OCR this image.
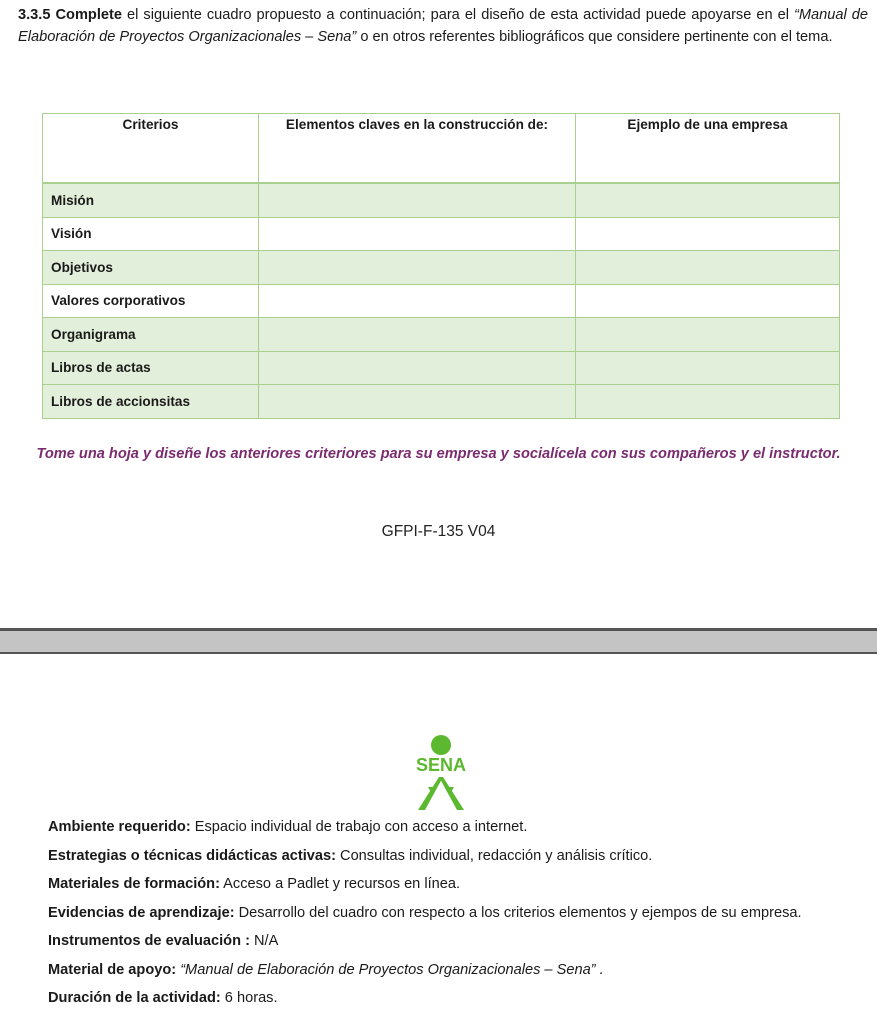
3.3.5 Complete el siguiente cuadro propuesto a continuación; para el diseño de esta actividad puede apoyarse en el “Manual de Elaboración de Proyectos Organizacionales – Sena” o en otros referentes bibliográficos que considere pertinente con el tema.

Criterios	Elementos claves en la construcción de:	Ejemplo de una empresa
Misión		
Visión		
Objetivos		
Valores corporativos		
Organigrama		
Libros de actas		
Libros de accionsitas		

Tome una hoja y diseñe los anteriores criteriores para su empresa y socialícela con sus compañeros y el instructor.

GFPI-F-135 V04

SENA
Ambiente requerido: Espacio individual de trabajo con acceso a internet.
Estrategias o técnicas didácticas activas: Consultas individual, redacción y análisis crítico.
Materiales de formación: Acceso a Padlet y recursos en línea.
Evidencias de aprendizaje: Desarrollo del cuadro con respecto a los criterios elementos y ejempos de su empresa.
Instrumentos de evaluación : N/A
Material de apoyo: “Manual de Elaboración de Proyectos Organizacionales – Sena” .
Duración de la actividad: 6 horas.
